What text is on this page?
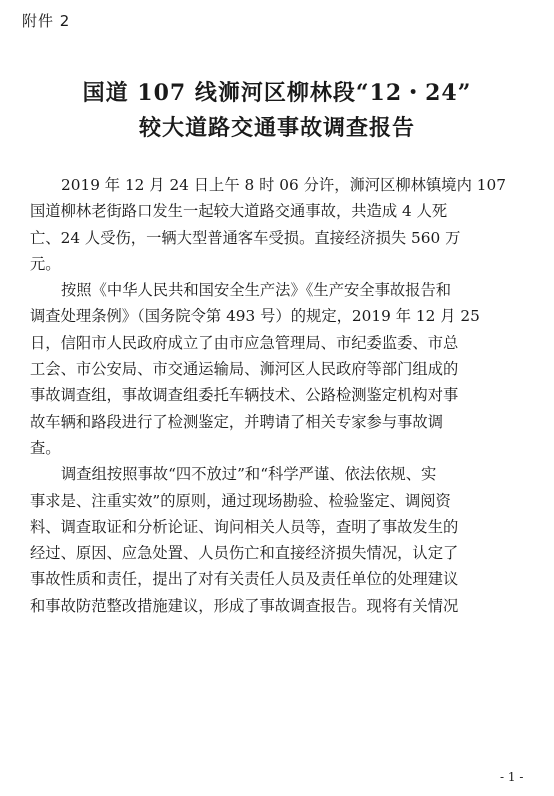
附件 2
国道 107 线浉河区柳林段“12・24”
较大道路交通事故调查报告
2019 年 12 月 24 日上午 8 时 06 分许，浉河区柳林镇境内 107
国道柳林老街路口发生一起较大道路交通事故，共造成 4 人死
亡、24 人受伤，一辆大型普通客车受损。直接经济损失 560 万
元。
按照《中华人民共和国安全生产法》《生产安全事故报告和
调查处理条例》（国务院令第 493 号）的规定，2019 年 12 月 25
日，信阳市人民政府成立了由市应急管理局、市纪委监委、市总
工会、市公安局、市交通运输局、浉河区人民政府等部门组成的
事故调查组，事故调查组委托车辆技术、公路检测鉴定机构对事
故车辆和路段进行了检测鉴定，并聘请了相关专家参与事故调
查。
调查组按照事故“四不放过”和“科学严谨、依法依规、实
事求是、注重实效”的原则，通过现场勘验、检验鉴定、调阅资
料、调查取证和分析论证、询问相关人员等，查明了事故发生的
经过、原因、应急处置、人员伤亡和直接经济损失情况，认定了
事故性质和责任，提出了对有关责任人员及责任单位的处理建议
和事故防范整改措施建议，形成了事故调查报告。现将有关情况
- 1 -
